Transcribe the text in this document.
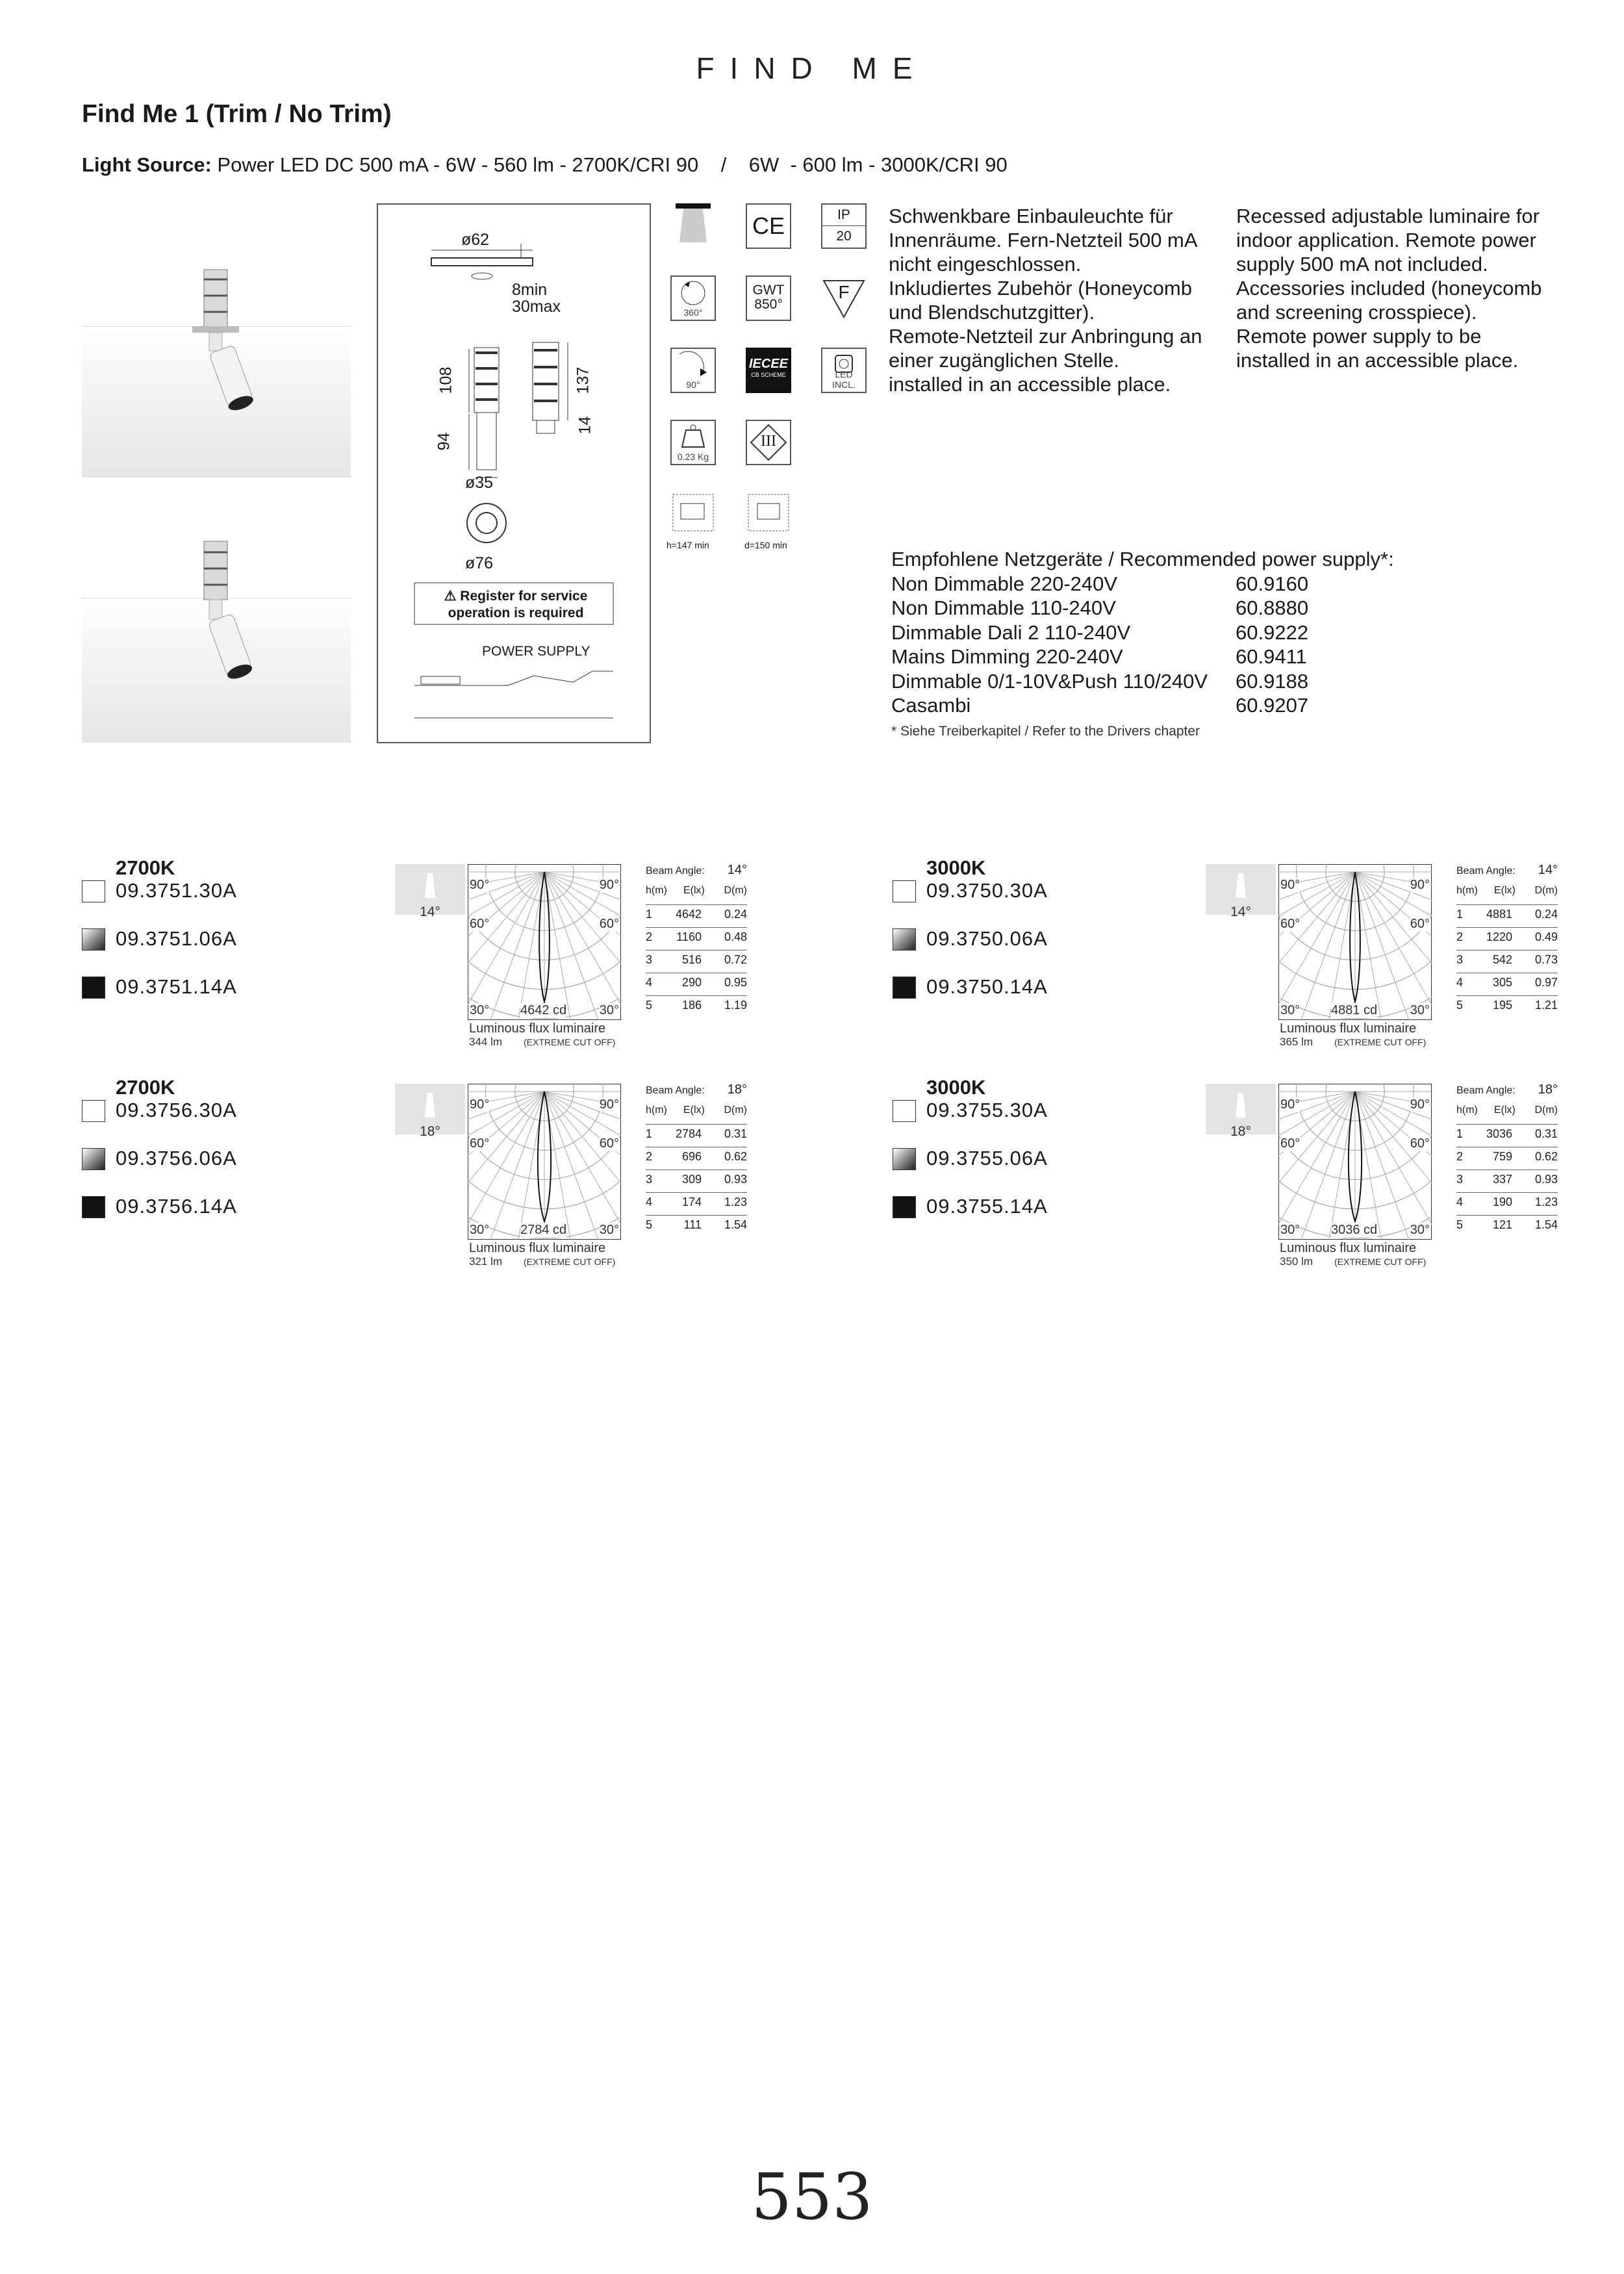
FIND ME
Find Me 1 (Trim / No Trim)
Light Source: Power LED DC 500 mA - 6W - 560 lm - 2700K/CRI 90    /    6W  - 600 lm - 3000K/CRI 90
ø62
8min
30max
108	137
14
94
ø35
ø76
⚠ Register for service operation is required
POWER SUPPLY
CE	IP
20
360°
GWT
850°
F
90°
IECEE
CB SCHEME	LED INCL.
0.23 Kg
III
h=147 min	d=150 min
Schwenkbare Einbauleuchte für
Innenräume. Fern-Netzteil 500 mA
nicht eingeschlossen.
Inkludiertes Zubehör (Honeycomb
und Blendschutzgitter).
Remote-Netzteil zur Anbringung an
einer zugänglichen Stelle.
installed in an accessible place.
Recessed adjustable luminaire for
indoor application. Remote power
supply 500 mA not included.
Accessories included (honeycomb
and screening crosspiece).
Remote power supply to be
installed in an accessible place.
Empfohlene Netzgeräte / Recommended power supply*:
Non Dimmable 220-240V	60.9160
Non Dimmable 110-240V	60.8880
Dimmable Dali 2 110-240V	60.9222
Mains Dimming 220-240V	60.9411
Dimmable 0/1-10V&Push 110/240V 60.9188
Casambi	60.9207
* Siehe Treiberkapitel / Refer to the Drivers chapter
2700K
09.3751.30A
09.3751.06A
09.3751.14A
14°
90°	90°
60°	60°
30°	30°
4642 cd
Luminous flux luminaire
344 lm (EXTREME CUT OFF)
Beam Angle: 14°
h(m) E(lx) D(m)
1 4642 0.24
2 1160 0.48
3	516 0.72
4	290 0.95
5	186 1.19
3000K
09.3750.30A
09.3750.06A
09.3750.14A
14°
90°	90°
60°	60°
30°	30°
4881 cd
Luminous flux luminaire
365 lm (EXTREME CUT OFF)
Beam Angle: 14°
h(m) E(lx) D(m)
1 4881 0.24
2 1220 0.49
3	542 0.73
4	305 0.97
5	195 1.21
2700K
09.3756.30A
09.3756.06A
09.3756.14A
18°
90°	90°
60°	60°
30°	30°
2784 cd
Luminous flux luminaire
321 lm (EXTREME CUT OFF)
Beam Angle: 18°
h(m) E(lx) D(m)
1 2784 0.31
2	696 0.62
3	309 0.93
4	174 1.23
5	111 1.54
3000K
09.3755.30A
09.3755.06A
09.3755.14A
18°
90°	90°
60°	60°
30°	30°
3036 cd
Luminous flux luminaire
350 lm (EXTREME CUT OFF)
Beam Angle: 18°
h(m) E(lx) D(m)
1 3036 0.31
2	759 0.62
3	337 0.93
4	190 1.23
5	121 1.54
553
